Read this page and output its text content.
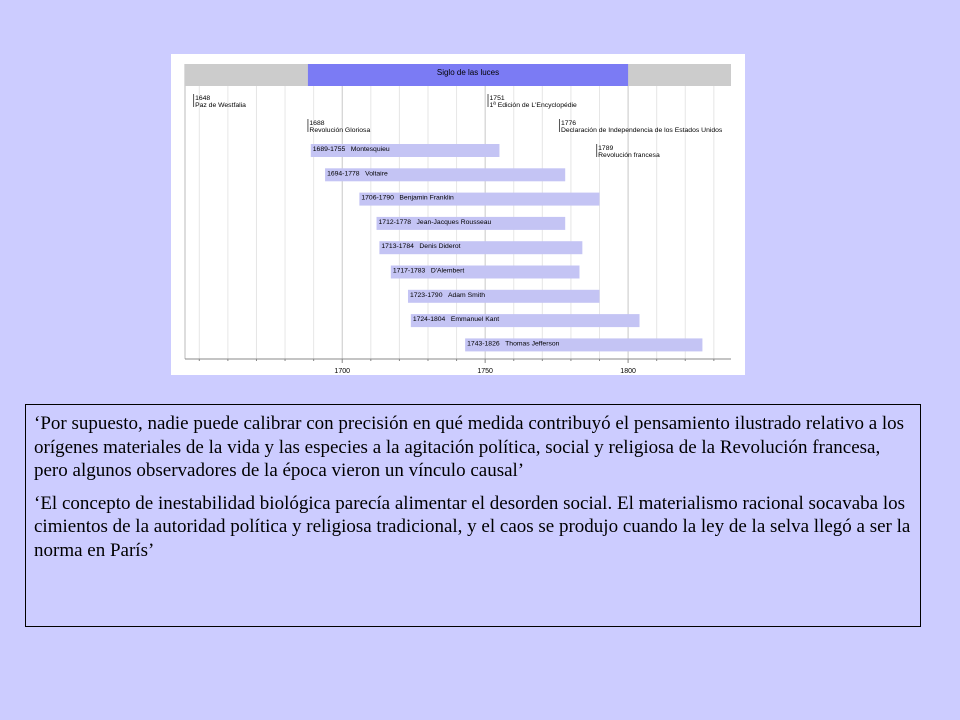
1700	1750	1800
Siglo de las luces
1648
Paz de Westfalia
1751
1ª Edición de L'Encyclopédie
1688
Revolución Gloriosa
1776
Declaración de Independencia de los Estados Unidos
1789
Revolución francesa
1689-1755 Montesquieu
1694-1778 Voltaire
1706-1790 Benjamin Franklin
1712-1778 Jean-Jacques Rousseau
1713-1784 Denis Diderot
1717-1783 D'Alembert
1723-1790 Adam Smith
1724-1804 Emmanuel Kant
1743-1826 Thomas Jefferson

‘Por supuesto, nadie puede calibrar con precisión en qué medida contribuyó el pensamiento ilustrado relativo a los orígenes materiales de la vida y las especies a la agitación política, social y religiosa de la Revolución francesa, pero algunos observadores de la época vieron un vínculo causal’

‘El concepto de inestabilidad biológica parecía alimentar el desorden social. El materialismo racional socavaba los cimientos de la autoridad política y religiosa tradicional, y el caos se produjo cuando la ley de la selva llegó a ser la norma en París’
